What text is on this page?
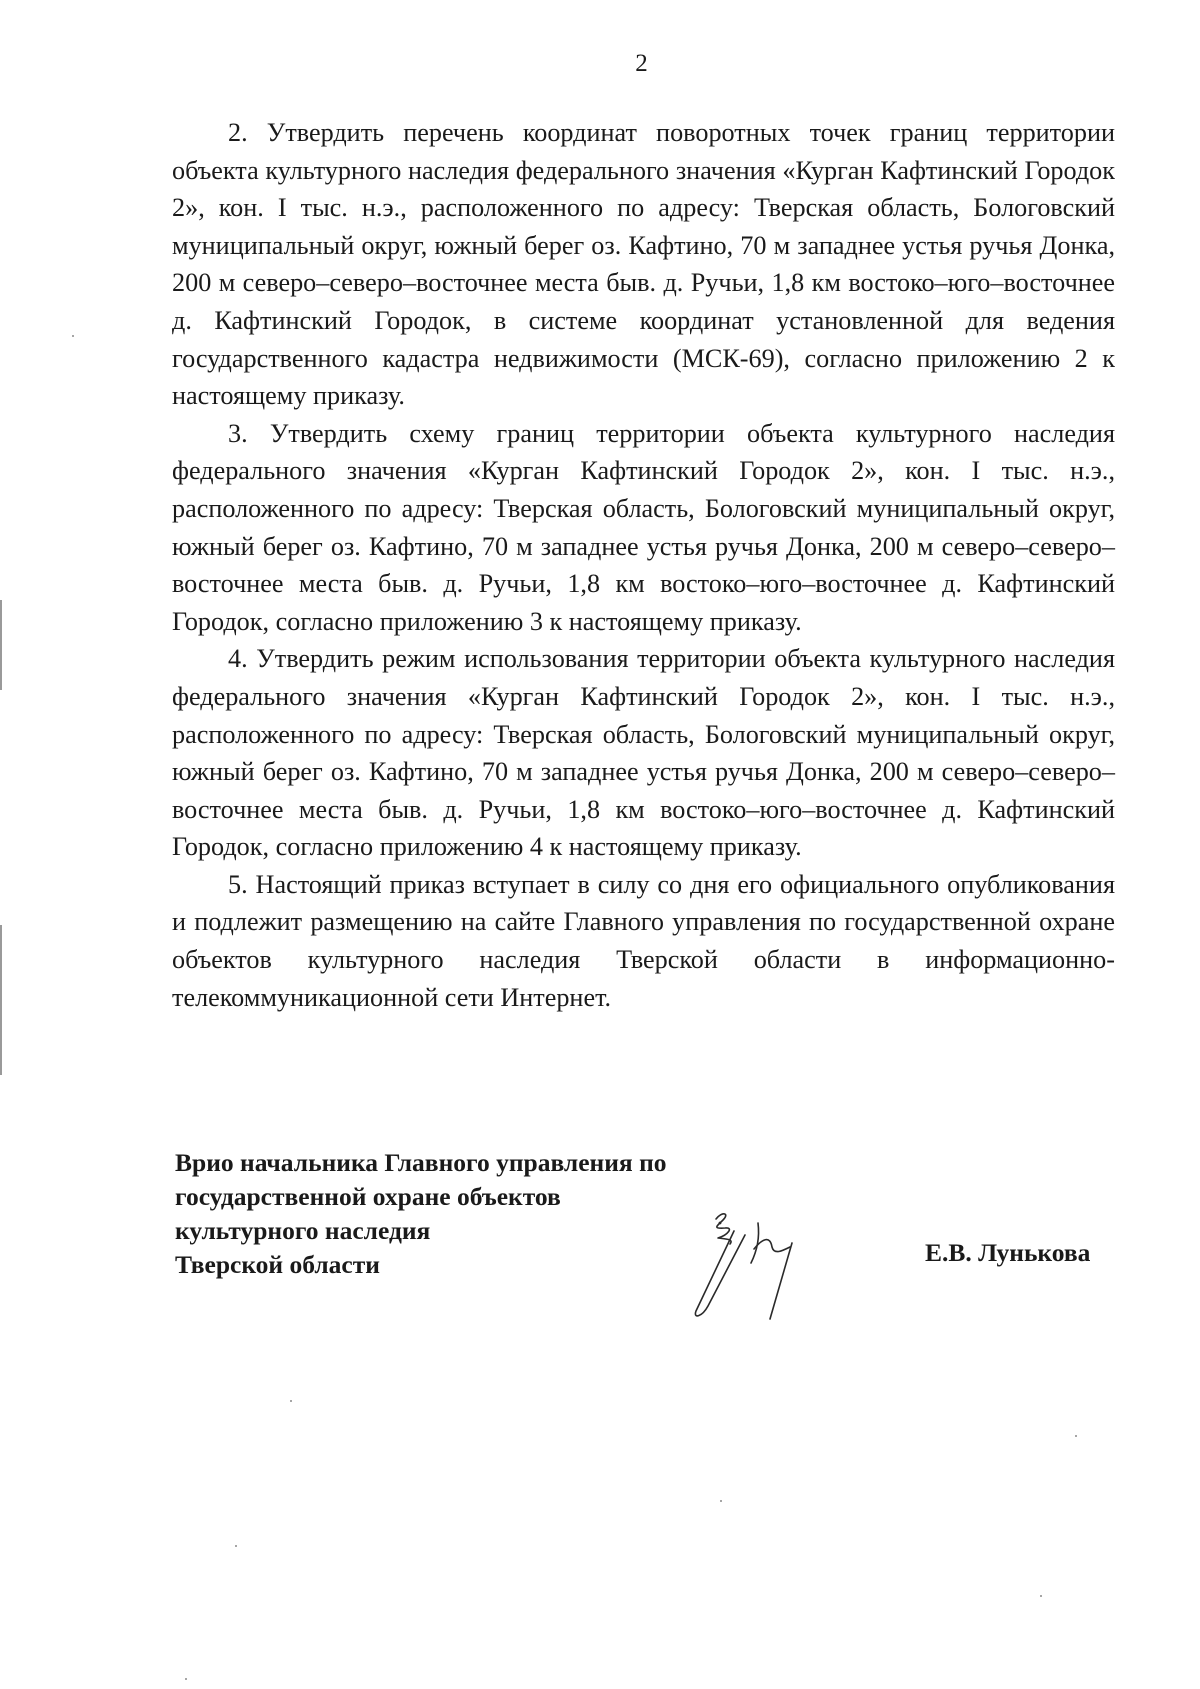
2

2. Утвердить перечень координат поворотных точек границ территории объекта культурного наследия федерального значения «Курган Кафтинский Городок 2», кон. I тыс. н.э., расположенного по адресу: Тверская область, Бологовский муниципальный округ, южный берег оз. Кафтино, 70 м западнее устья ручья Донка, 200 м северо–северо–восточнее места быв. д. Ручьи, 1,8 км востоко–юго–восточнее д. Кафтинский Городок, в системе координат установленной для ведения государственного кадастра недвижимости (МСК-69), согласно приложению 2 к настоящему приказу.

3. Утвердить схему границ территории объекта культурного наследия федерального значения «Курган Кафтинский Городок 2», кон. I тыс. н.э., расположенного по адресу: Тверская область, Бологовский муниципальный округ, южный берег оз. Кафтино, 70 м западнее устья ручья Донка, 200 м северо–северо–восточнее места быв. д. Ручьи, 1,8 км востоко–юго–восточнее д. Кафтинский Городок, согласно приложению 3 к настоящему приказу.

4. Утвердить режим использования территории объекта культурного наследия федерального значения «Курган Кафтинский Городок 2», кон. I тыс. н.э., расположенного по адресу: Тверская область, Бологовский муниципальный округ, южный берег оз. Кафтино, 70 м западнее устья ручья Донка, 200 м северо–северо–восточнее места быв. д. Ручьи, 1,8 км востоко–юго–восточнее д. Кафтинский Городок, согласно приложению 4 к настоящему приказу.

5. Настоящий приказ вступает в силу со дня его официального опубликования и подлежит размещению на сайте Главного управления по государственной охране объектов культурного наследия Тверской области в информационно-телекоммуникационной сети Интернет.

Врио начальника Главного управления по
государственной охране объектов
культурного наследия
Тверской области	Е.В. Лунькова
